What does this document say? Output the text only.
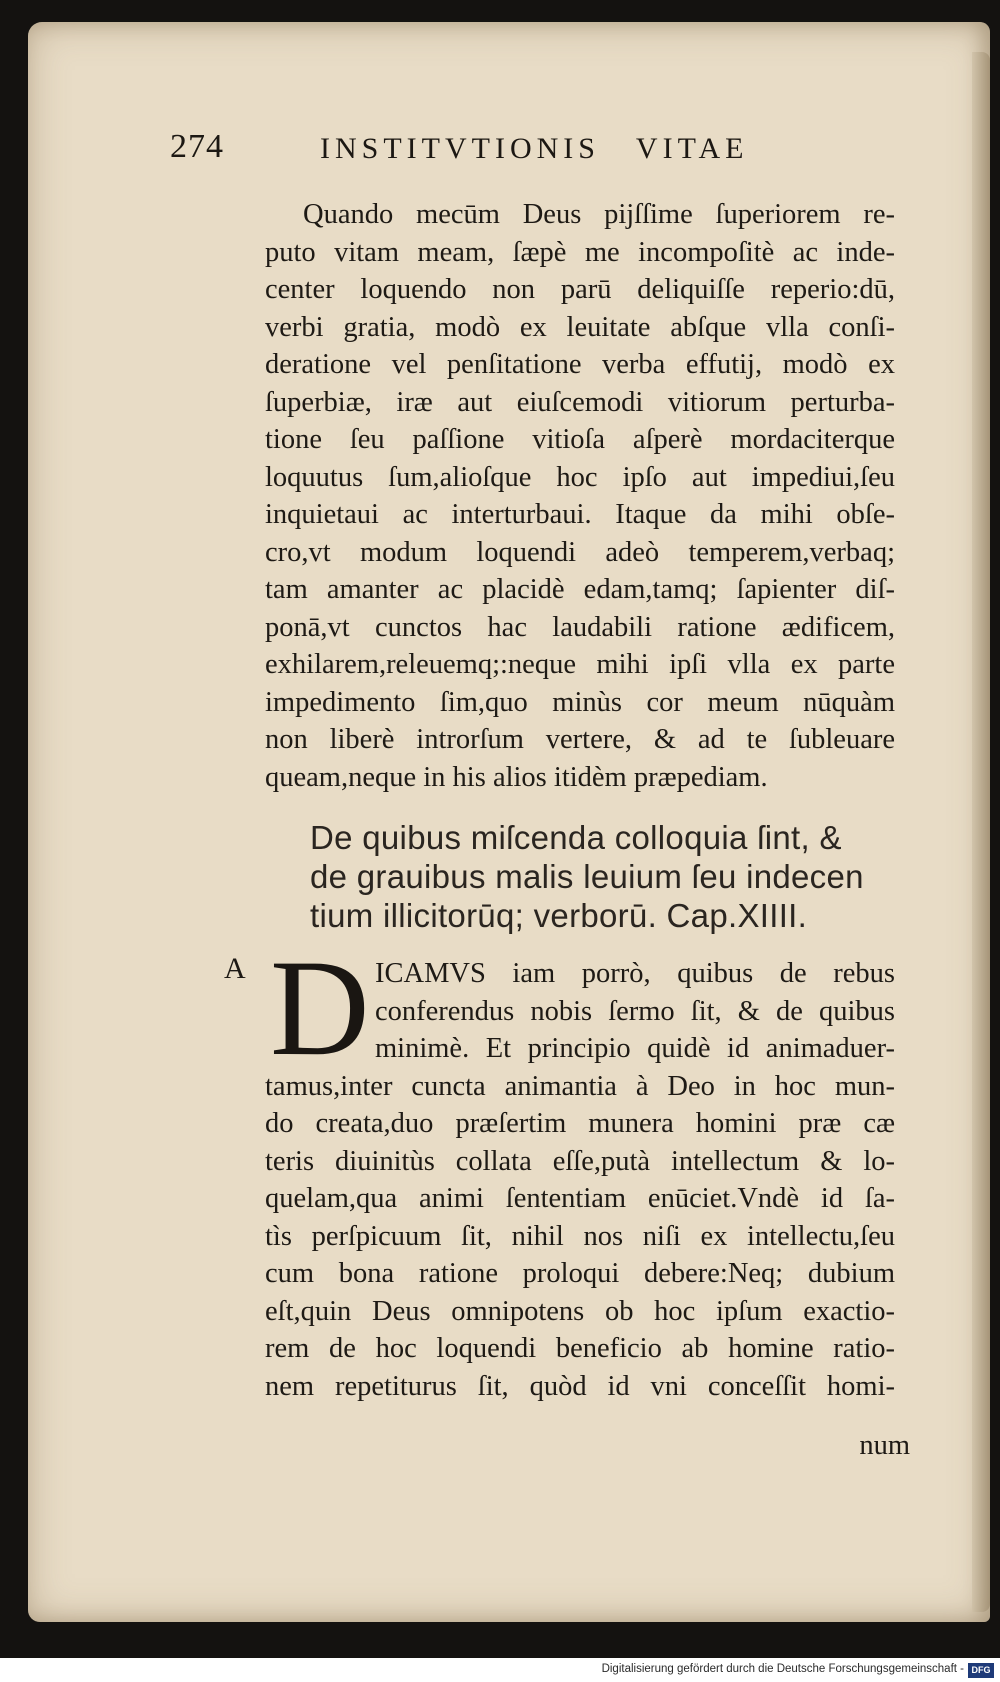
274	INSTITVTIONIS VITAE
Quando mecūm Deus pijſſime ſuperiorem re-
puto vitam meam, ſæpè me incompoſitè ac inde-
center loquendo non parū deliquiſſe reperio:dū,
verbi gratia, modò ex leuitate abſque vlla conſi-
deratione vel penſitatione verba effutij, modò ex
ſuperbiæ, iræ aut eiuſcemodi vitiorum perturba-
tione ſeu paſſione vitioſa aſperè mordaciterque
loquutus ſum,alioſque hoc ipſo aut impediui,ſeu
inquietaui ac interturbaui. Itaque da mihi obſe-
cro,vt modum loquendi adeò temperem,verbaq;
tam amanter ac placidè edam,tamq; ſapienter diſ-
ponā,vt cunctos hac laudabili ratione ædificem,
exhilarem,releuemq;:neque mihi ipſi vlla ex parte
impedimento ſim,quo minùs cor meum nūquàm
non liberè introrſum vertere, & ad te ſubleuare
queam,neque in his alios itidèm præpediam.
De quibus miſcenda colloquia ſint, &
de grauibus malis leuium ſeu indecen
tium illicitorūq; verborū. Cap.XIIII.
A D ICAMVS iam porrò, quibus de rebus
conferendus nobis ſermo ſit, & de quibus
minimè. Et principio quidè id animaduer-
tamus,inter cuncta animantia à Deo in hoc mun-
do creata,duo præſertim munera homini præ cæ
teris diuinitùs collata eſſe,putà intellectum & lo-
quelam,qua animi ſententiam enūciet.Vndè id ſa-
tìs perſpicuum ſit, nihil nos niſi ex intellectu,ſeu
cum bona ratione proloqui debere:Neq; dubium
eſt,quin Deus omnipotens ob hoc ipſum exactio-
rem de hoc loquendi beneficio ab homine ratio-
nem repetiturus ſit, quòd id vni conceſſit homi-
num
Digitalisierung gefördert durch die Deutsche Forschungsgemeinschaft - DFG
